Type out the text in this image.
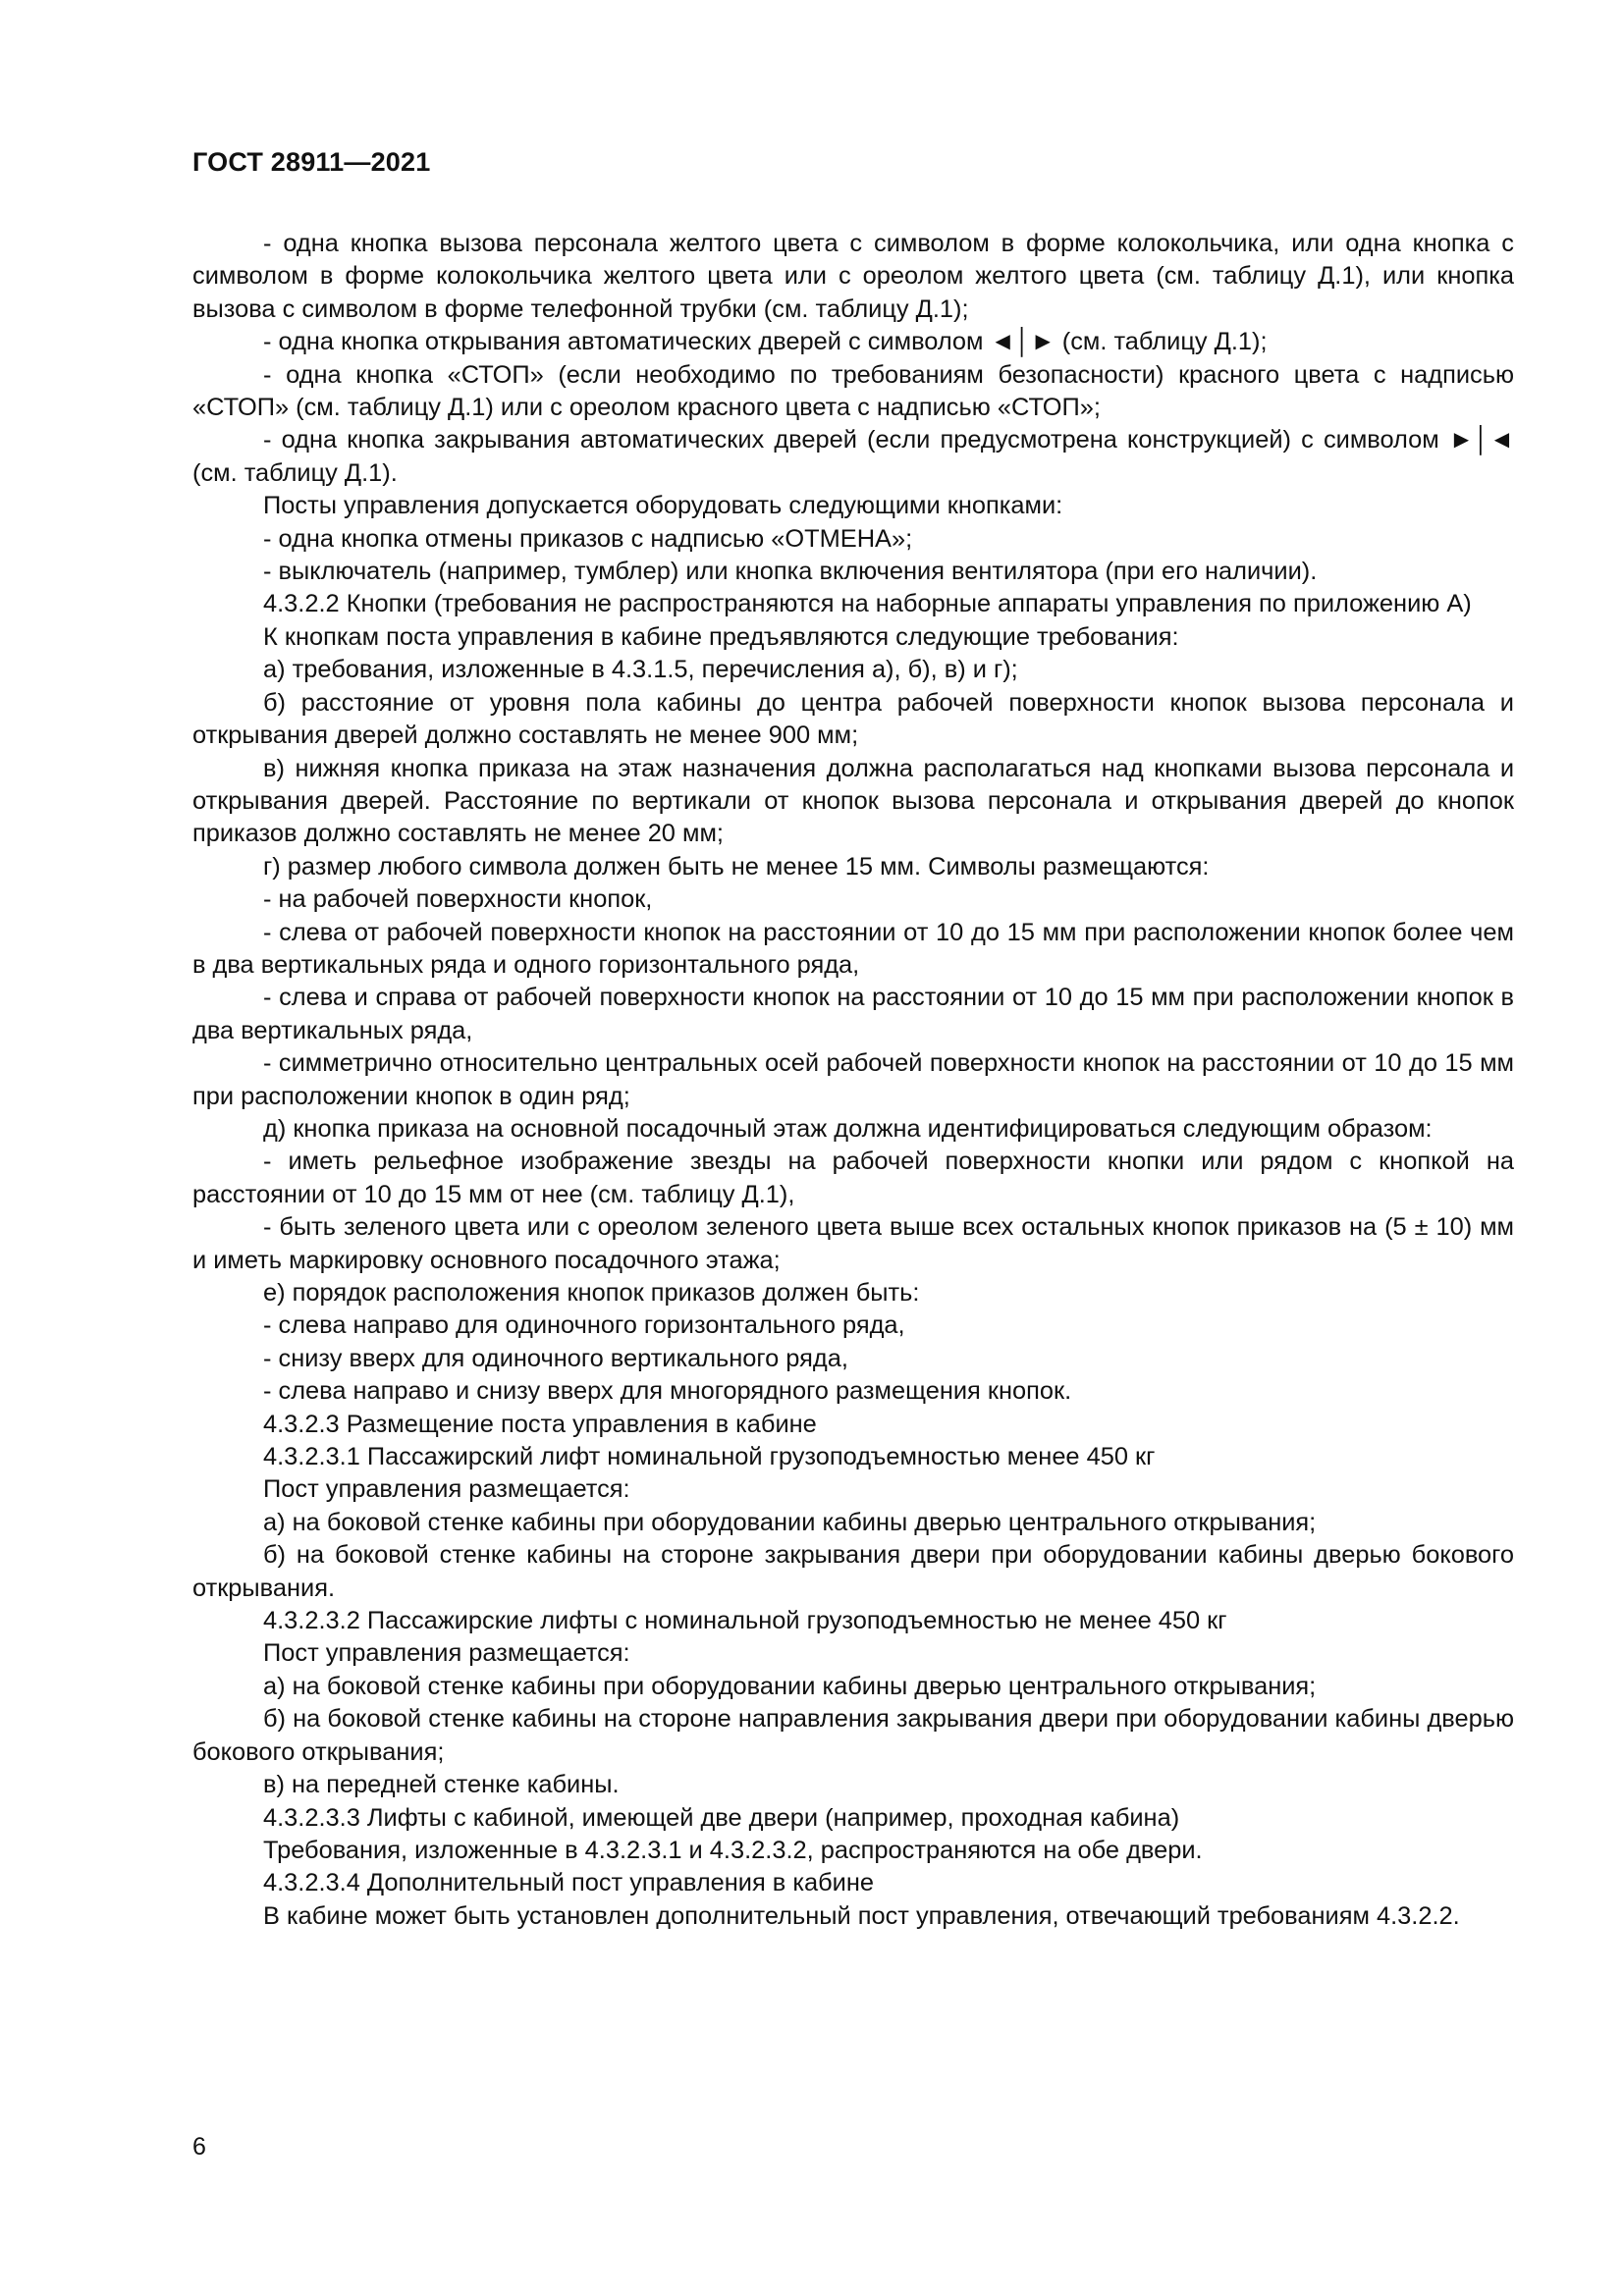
ГОСТ 28911—2021

- одна кнопка вызова персонала желтого цвета с символом в форме колокольчика, или одна кнопка с символом в форме колокольчика желтого цвета или с ореолом желтого цвета (см. таблицу Д.1), или кнопка вызова с символом в форме телефонной трубки (см. таблицу Д.1);

- одна кнопка открывания автоматических дверей с символом ◄│► (см. таблицу Д.1);

- одна кнопка «СТОП» (если необходимо по требованиям безопасности) красного цвета с надписью «СТОП» (см. таблицу Д.1) или с ореолом красного цвета с надписью «СТОП»;

- одна кнопка закрывания автоматических дверей (если предусмотрена конструкцией) с символом ►│◄ (см. таблицу Д.1).

Посты управления допускается оборудовать следующими кнопками:

- одна кнопка отмены приказов с надписью «ОТМЕНА»;

- выключатель (например, тумблер) или кнопка включения вентилятора (при его наличии).

4.3.2.2 Кнопки (требования не распространяются на наборные аппараты управления по приложению А)

К кнопкам поста управления в кабине предъявляются следующие требования:

а) требования, изложенные в 4.3.1.5, перечисления а), б), в) и г);

б) расстояние от уровня пола кабины до центра рабочей поверхности кнопок вызова персонала и открывания дверей должно составлять не менее 900 мм;

в) нижняя кнопка приказа на этаж назначения должна располагаться над кнопками вызова персонала и открывания дверей. Расстояние по вертикали от кнопок вызова персонала и открывания дверей до кнопок приказов должно составлять не менее 20 мм;

г) размер любого символа должен быть не менее 15 мм. Символы размещаются:

- на рабочей поверхности кнопок,

- слева от рабочей поверхности кнопок на расстоянии от 10 до 15 мм при расположении кнопок более чем в два вертикальных ряда и одного горизонтального ряда,

- слева и справа от рабочей поверхности кнопок на расстоянии от 10 до 15 мм при расположении кнопок в два вертикальных ряда,

- симметрично относительно центральных осей рабочей поверхности кнопок на расстоянии от 10 до 15 мм при расположении кнопок в один ряд;

д) кнопка приказа на основной посадочный этаж должна идентифицироваться следующим образом:

- иметь рельефное изображение звезды на рабочей поверхности кнопки или рядом с кнопкой на расстоянии от 10 до 15 мм от нее (см. таблицу Д.1),

- быть зеленого цвета или с ореолом зеленого цвета выше всех остальных кнопок приказов на (5 ± 10) мм и иметь маркировку основного посадочного этажа;

е) порядок расположения кнопок приказов должен быть:

- слева направо для одиночного горизонтального ряда,

- снизу вверх для одиночного вертикального ряда,

- слева направо и снизу вверх для многорядного размещения кнопок.

4.3.2.3 Размещение поста управления в кабине

4.3.2.3.1 Пассажирский лифт номинальной грузоподъемностью менее 450 кг

Пост управления размещается:

а) на боковой стенке кабины при оборудовании кабины дверью центрального открывания;

б) на боковой стенке кабины на стороне закрывания двери при оборудовании кабины дверью бокового открывания.

4.3.2.3.2 Пассажирские лифты с номинальной грузоподъемностью не менее 450 кг

Пост управления размещается:

а) на боковой стенке кабины при оборудовании кабины дверью центрального открывания;

б) на боковой стенке кабины на стороне направления закрывания двери при оборудовании кабины дверью бокового открывания;

в) на передней стенке кабины.

4.3.2.3.3 Лифты с кабиной, имеющей две двери (например, проходная кабина)

Требования, изложенные в 4.3.2.3.1 и 4.3.2.3.2, распространяются на обе двери.

4.3.2.3.4 Дополнительный пост управления в кабине

В кабине может быть установлен дополнительный пост управления, отвечающий требованиям 4.3.2.2.

6
